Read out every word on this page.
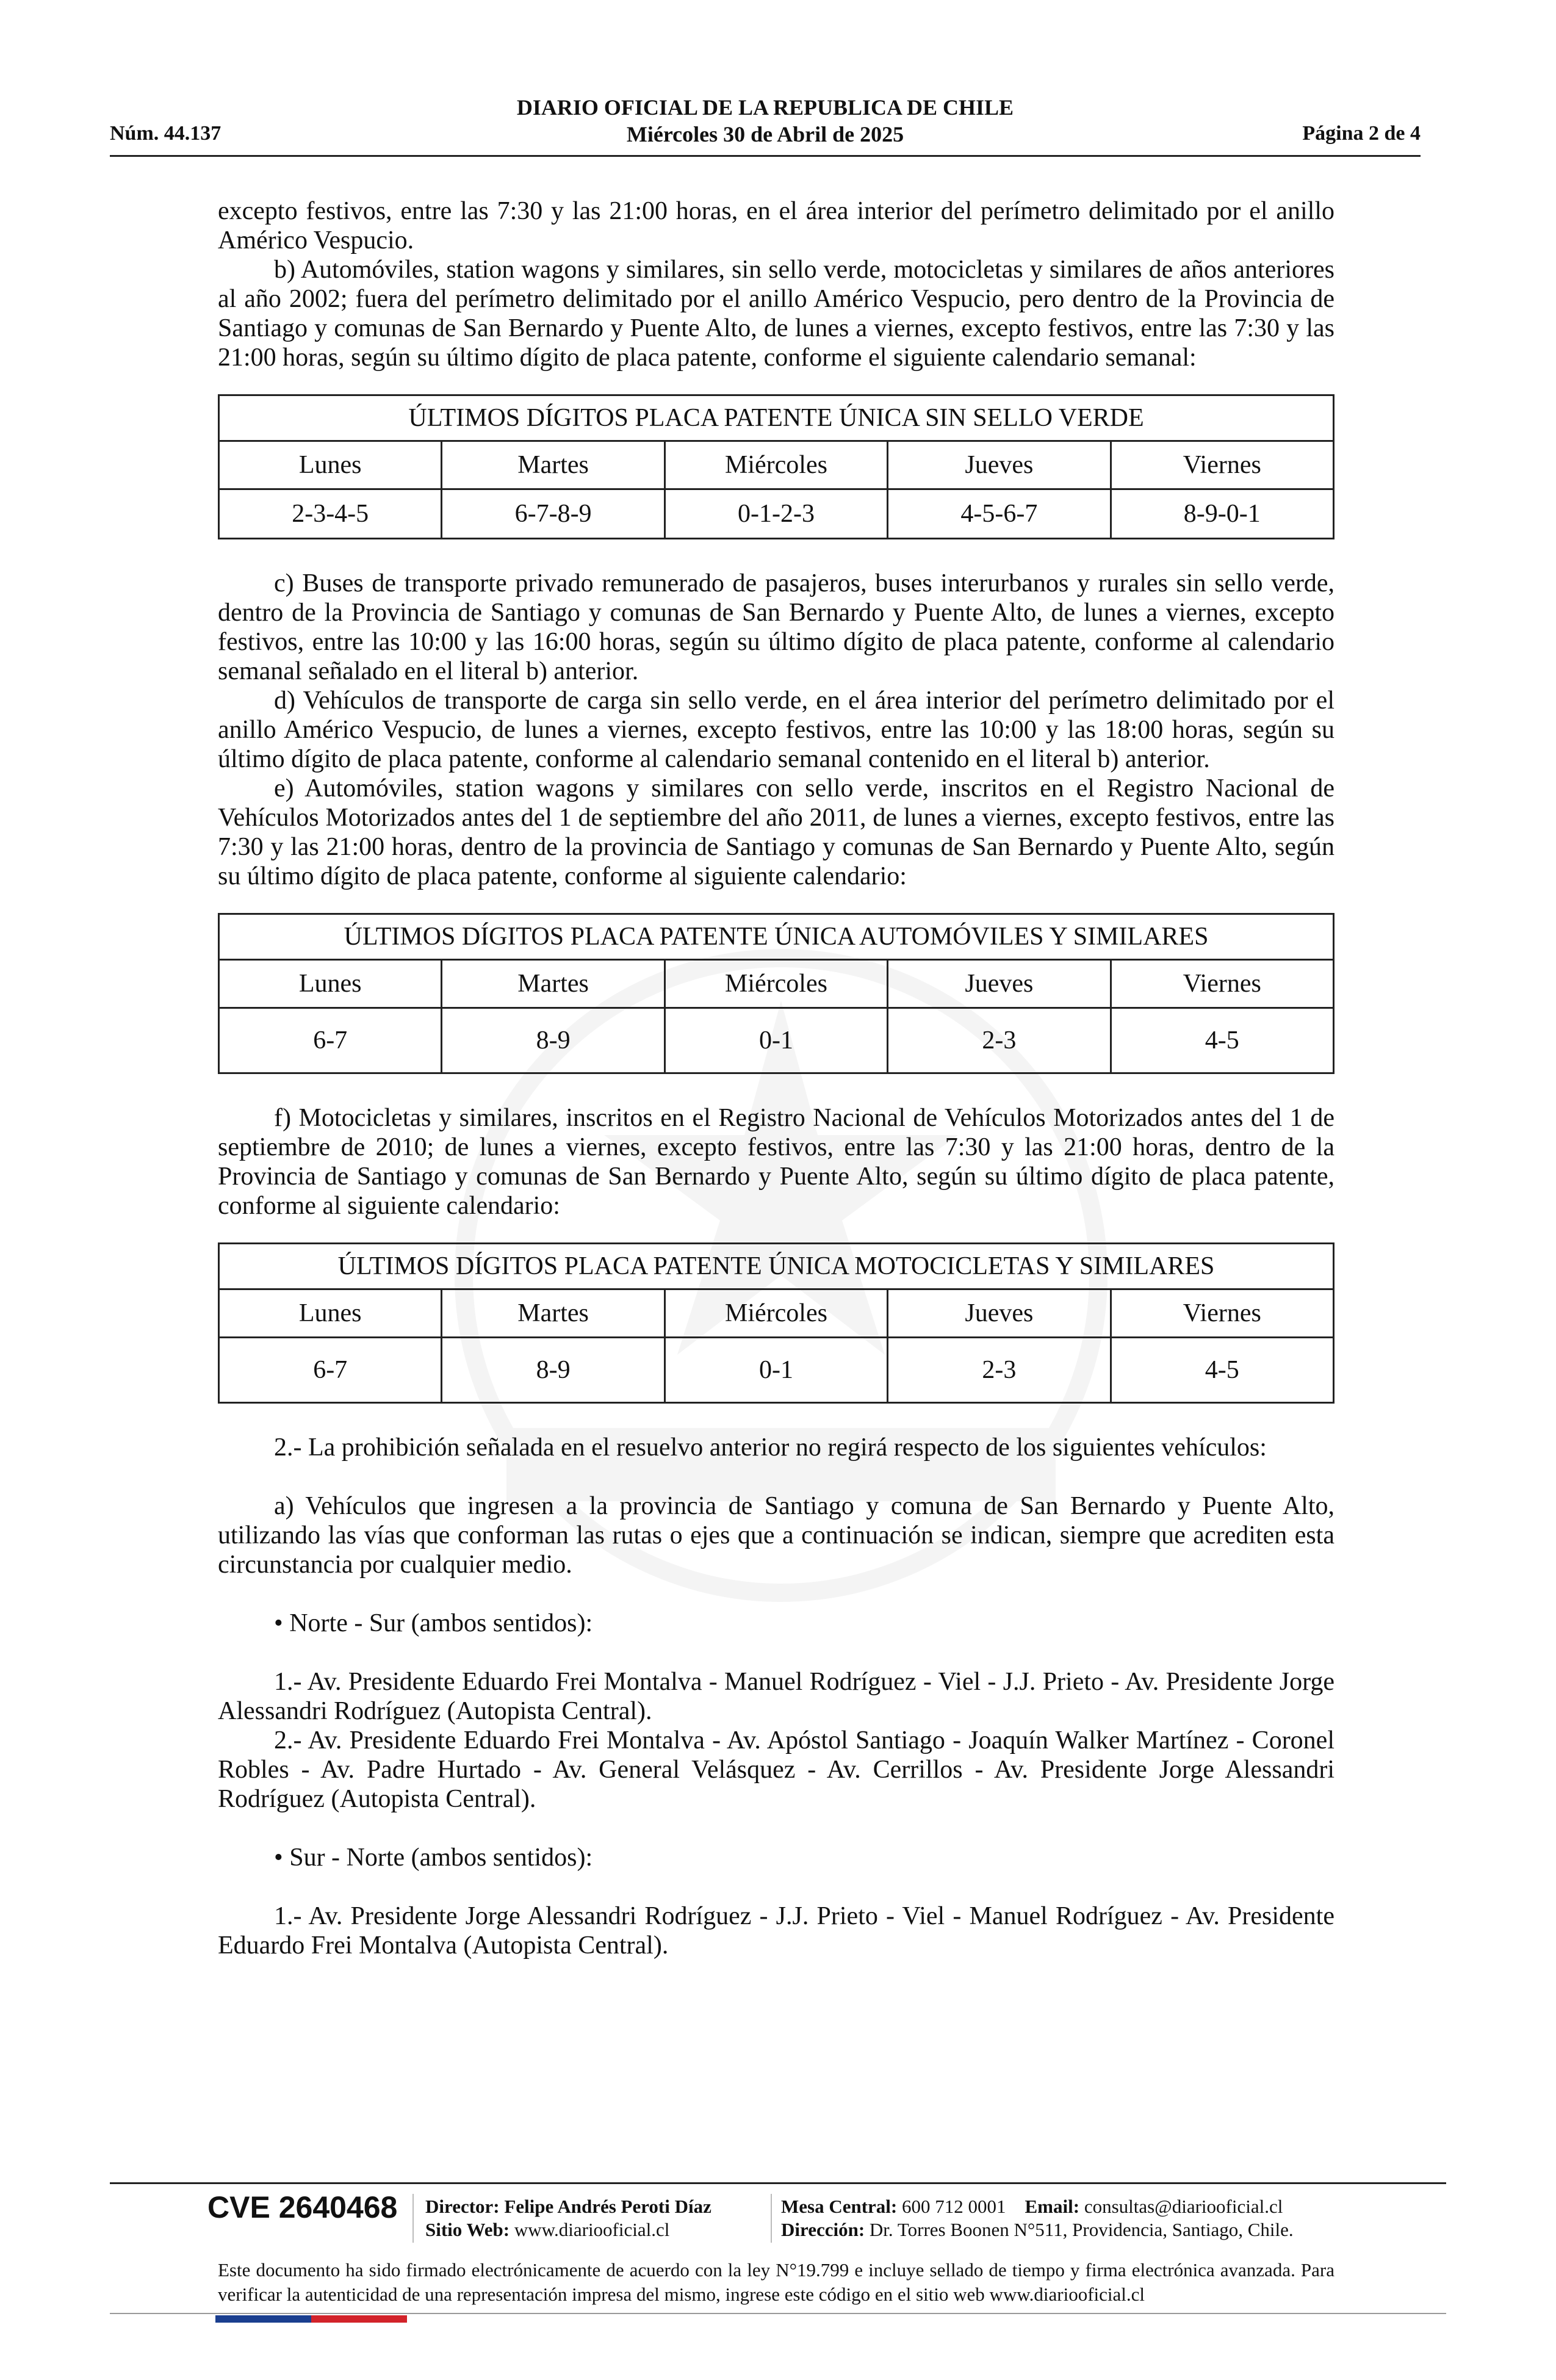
DIARIO OFICIAL DE LA REPUBLICA DE CHILE
Miércoles 30 de Abril de 2025
Núm. 44.137	Página 2 de 4

excepto festivos, entre las 7:30 y las 21:00 horas, en el área interior del perímetro delimitado por el anillo Américo Vespucio.

b) Automóviles, station wagons y similares, sin sello verde, motocicletas y similares de años anteriores al año 2002; fuera del perímetro delimitado por el anillo Américo Vespucio, pero dentro de la Provincia de Santiago y comunas de San Bernardo y Puente Alto, de lunes a viernes, excepto festivos, entre las 7:30 y las 21:00 horas, según su último dígito de placa patente, conforme el siguiente calendario semanal:

ÚLTIMOS DÍGITOS PLACA PATENTE ÚNICA SIN SELLO VERDE				
Lunes	Martes	Miércoles	Jueves	Viernes
2-3-4-5	6-7-8-9	0-1-2-3	4-5-6-7	8-9-0-1

c) Buses de transporte privado remunerado de pasajeros, buses interurbanos y rurales sin sello verde, dentro de la Provincia de Santiago y comunas de San Bernardo y Puente Alto, de lunes a viernes, excepto festivos, entre las 10:00 y las 16:00 horas, según su último dígito de placa patente, conforme al calendario semanal señalado en el literal b) anterior.

d) Vehículos de transporte de carga sin sello verde, en el área interior del perímetro delimitado por el anillo Américo Vespucio, de lunes a viernes, excepto festivos, entre las 10:00 y las 18:00 horas, según su último dígito de placa patente, conforme al calendario semanal contenido en el literal b) anterior.

e) Automóviles, station wagons y similares con sello verde, inscritos en el Registro Nacional de Vehículos Motorizados antes del 1 de septiembre del año 2011, de lunes a viernes, excepto festivos, entre las 7:30 y las 21:00 horas, dentro de la provincia de Santiago y comunas de San Bernardo y Puente Alto, según su último dígito de placa patente, conforme al siguiente calendario:

ÚLTIMOS DÍGITOS PLACA PATENTE ÚNICA AUTOMÓVILES Y SIMILARES				
Lunes	Martes	Miércoles	Jueves	Viernes
6-7	8-9	0-1	2-3	4-5

f) Motocicletas y similares, inscritos en el Registro Nacional de Vehículos Motorizados antes del 1 de septiembre de 2010; de lunes a viernes, excepto festivos, entre las 7:30 y las 21:00 horas, dentro de la Provincia de Santiago y comunas de San Bernardo y Puente Alto, según su último dígito de placa patente, conforme al siguiente calendario:

ÚLTIMOS DÍGITOS PLACA PATENTE ÚNICA MOTOCICLETAS Y SIMILARES				
Lunes	Martes	Miércoles	Jueves	Viernes
6-7	8-9	0-1	2-3	4-5

2.- La prohibición señalada en el resuelvo anterior no regirá respecto de los siguientes vehículos:

a) Vehículos que ingresen a la provincia de Santiago y comuna de San Bernardo y Puente Alto, utilizando las vías que conforman las rutas o ejes que a continuación se indican, siempre que acrediten esta circunstancia por cualquier medio.

• Norte - Sur (ambos sentidos):

1.- Av. Presidente Eduardo Frei Montalva - Manuel Rodríguez - Viel - J.J. Prieto - Av. Presidente Jorge Alessandri Rodríguez (Autopista Central).

2.- Av. Presidente Eduardo Frei Montalva - Av. Apóstol Santiago - Joaquín Walker Martínez - Coronel Robles - Av. Padre Hurtado - Av. General Velásquez - Av. Cerrillos - Av. Presidente Jorge Alessandri Rodríguez (Autopista Central).

• Sur - Norte (ambos sentidos):

1.- Av. Presidente Jorge Alessandri Rodríguez - J.J. Prieto - Viel - Manuel Rodríguez - Av. Presidente Eduardo Frei Montalva (Autopista Central).

CVE 2640468 Director: Felipe Andrés Peroti Díaz
Sitio Web: www.diariooficial.cl
Mesa Central: 600 712 0001 Email: consultas@diariooficial.cl
Dirección: Dr. Torres Boonen N°511, Providencia, Santiago, Chile.
Este documento ha sido firmado electrónicamente de acuerdo con la ley N°19.799 e incluye sellado de tiempo y firma electrónica avanzada. Para verificar la autenticidad de una representación impresa del mismo, ingrese este código en el sitio web www.diariooficial.cl
